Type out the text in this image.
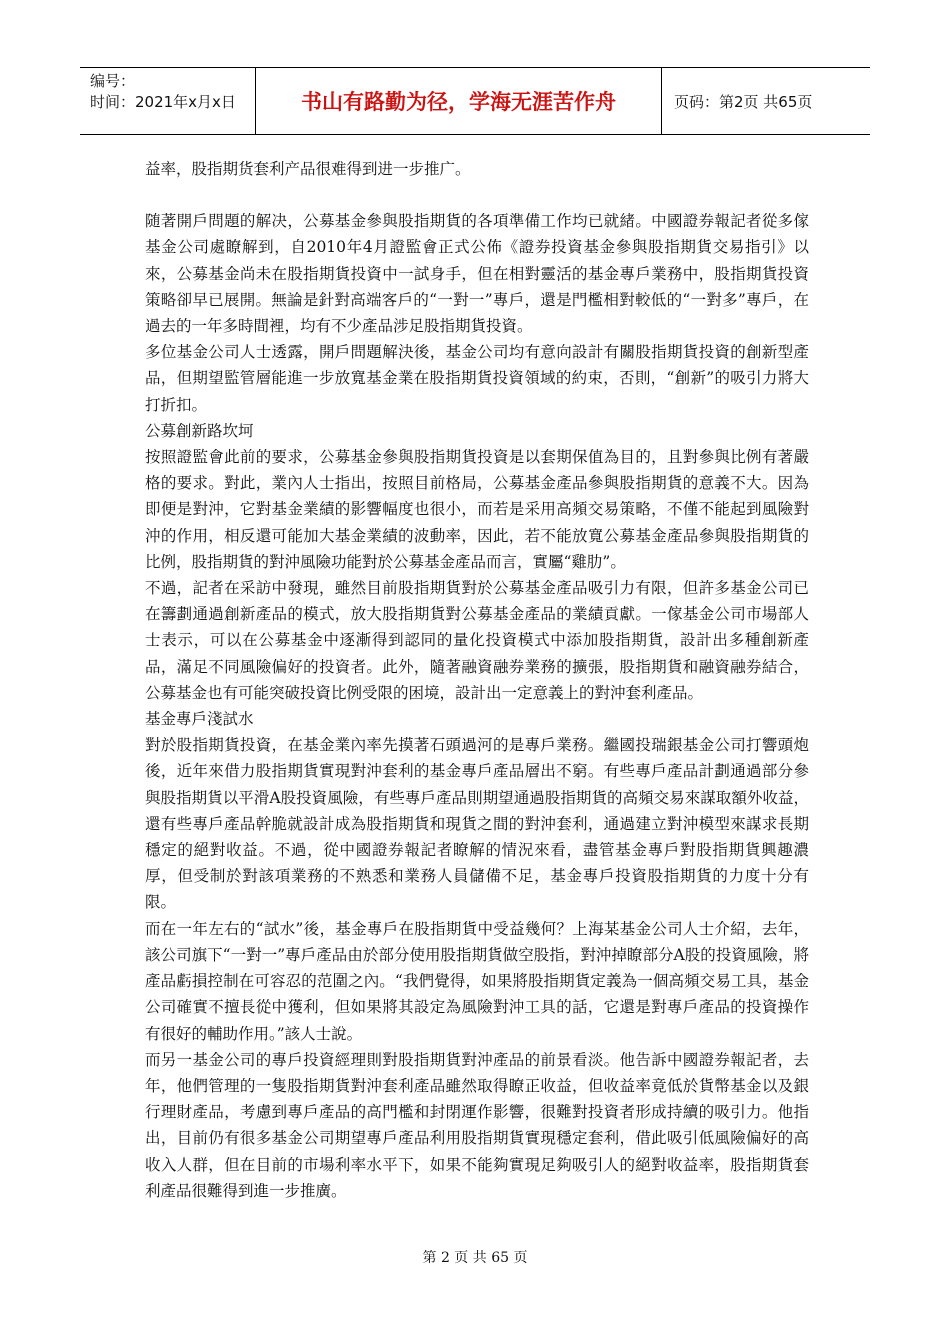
编号：
时间：2021年x月x日	书山有路勤为径，学海无涯苦作舟	页码：第2页 共65页

益率，股指期货套利产品很难得到进一步推广。

随著開戶問題的解决，公募基金參與股指期貨的各項準備工作均已就緒。中國證券報記者從多傢基金公司處瞭解到，自2010年4月證監會正式公佈《證券投資基金參與股指期貨交易指引》以來，公募基金尚未在股指期貨投資中一試身手，但在相對靈活的基金專戶業務中，股指期貨投資策略卻早已展開。無論是針對高端客戶的“一對一”專戶，還是門檻相對較低的“一對多”專戶，在過去的一年多時間裡，均有不少產品涉足股指期貨投資。

多位基金公司人士透露，開戶問題解決後，基金公司均有意向設計有關股指期貨投資的創新型產品，但期望監管層能進一步放寬基金業在股指期貨投資領域的約束，否則，“創新”的吸引力將大打折扣。

公募創新路坎坷

按照證監會此前的要求，公募基金參與股指期貨投資是以套期保值為目的，且對參與比例有著嚴格的要求。對此，業內人士指出，按照目前格局，公募基金產品參與股指期貨的意義不大。因為即便是對沖，它對基金業績的影響幅度也很小，而若是采用高頻交易策略，不僅不能起到風險對沖的作用，相反還可能加大基金業績的波動率，因此，若不能放寬公募基金產品參與股指期貨的比例，股指期貨的對沖風險功能對於公募基金產品而言，實屬“雞肋”。

不過，記者在采訪中發現，雖然目前股指期貨對於公募基金產品吸引力有限，但許多基金公司已在籌劃通過創新產品的模式，放大股指期貨對公募基金產品的業績貢獻。一傢基金公司市場部人士表示，可以在公募基金中逐漸得到認同的量化投資模式中添加股指期貨，設計出多種創新產品，滿足不同風險偏好的投資者。此外，隨著融資融券業務的擴張，股指期貨和融資融券結合，公募基金也有可能突破投資比例受限的困境，設計出一定意義上的對沖套利產品。

基金專戶淺試水

對於股指期貨投資，在基金業內率先摸著石頭過河的是專戶業務。繼國投瑞銀基金公司打響頭炮後，近年來借力股指期貨實現對沖套利的基金專戶產品層出不窮。有些專戶產品計劃通過部分參與股指期貨以平滑A股投資風險，有些專戶產品則期望通過股指期貨的高頻交易來謀取額外收益，還有些專戶產品幹脆就設計成為股指期貨和現貨之間的對沖套利，通過建立對沖模型來謀求長期穩定的絕對收益。不過，從中國證券報記者瞭解的情況來看，盡管基金專戶對股指期貨興趣濃厚，但受制於對該項業務的不熟悉和業務人員儲備不足，基金專戶投資股指期貨的力度十分有限。

而在一年左右的“試水”後，基金專戶在股指期貨中受益幾何？上海某基金公司人士介紹，去年，該公司旗下“一對一”專戶產品由於部分使用股指期貨做空股指，對沖掉瞭部分A股的投資風險，將產品虧損控制在可容忍的范圍之內。“我們覺得，如果將股指期貨定義為一個高頻交易工具，基金公司確實不擅長從中獲利，但如果將其設定為風險對沖工具的話，它還是對專戶產品的投資操作有很好的輔助作用。”該人士說。

而另一基金公司的專戶投資經理則對股指期貨對沖產品的前景看淡。他告訴中國證券報記者，去年，他們管理的一隻股指期貨對沖套利產品雖然取得瞭正收益，但收益率竟低於貨幣基金以及銀行理財產品，考慮到專戶產品的高門檻和封閉運作影響，很難對投資者形成持續的吸引力。他指出，目前仍有很多基金公司期望專戶產品利用股指期貨實現穩定套利，借此吸引低風險偏好的高收入人群，但在目前的市場利率水平下，如果不能夠實現足夠吸引人的絕對收益率，股指期貨套利產品很難得到進一步推廣。

第 2 页 共 65 页
